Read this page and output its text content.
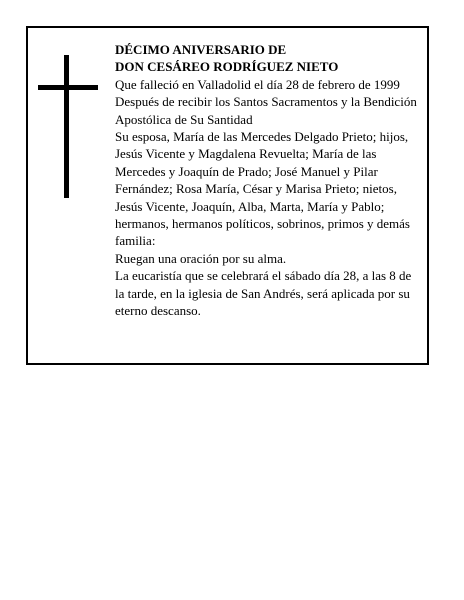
DÉCIMO ANIVERSARIO DE

DON CESÁREO RODRÍGUEZ NIETO

Que falleció en Valladolid el día 28 de febrero de 1999

Después de recibir los Santos Sacramentos y la Bendición Apostólica de Su Santidad

Su esposa, María de las Mercedes Delgado Prieto; hijos, Jesús Vicente y Magdalena Revuelta; María de las Mercedes y Joaquín de Prado; José Manuel y Pilar Fernández; Rosa María, César y Marisa Prieto; nietos, Jesús Vicente, Joaquín, Alba, Marta, María y Pablo; hermanos, hermanos políticos, sobrinos, primos y demás familia:

Ruegan una oración por su alma.

La eucaristía que se celebrará el sábado día 28, a las 8 de la tarde, en la iglesia de San Andrés, será aplicada por su eterno descanso.
